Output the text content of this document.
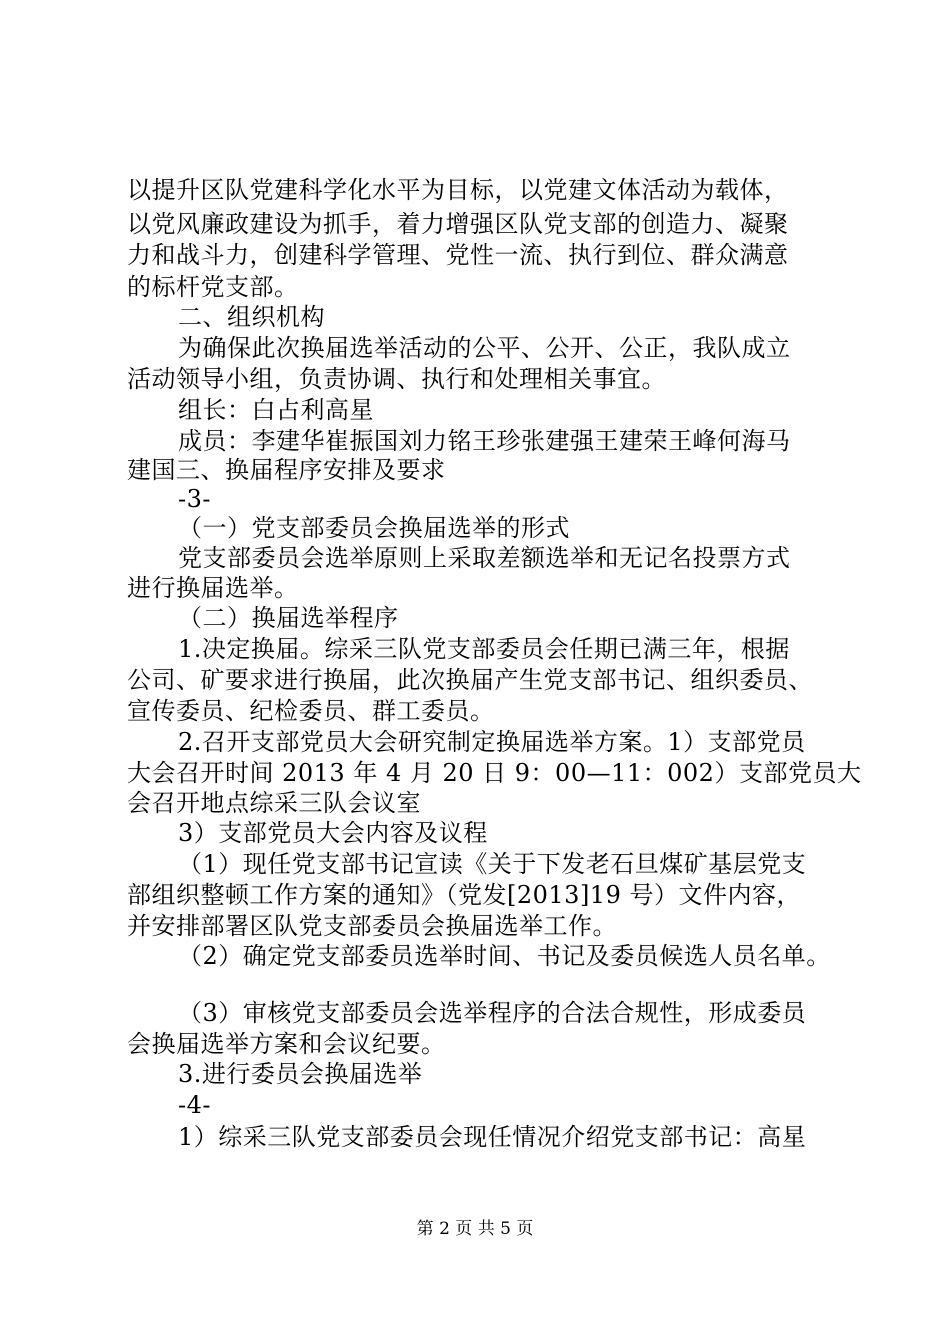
以提升区队党建科学化水平为目标，以党建文体活动为载体，
以党风廉政建设为抓手，着力增强区队党支部的创造力、凝聚
力和战斗力，创建科学管理、党性一流、执行到位、群众满意
的标杆党支部。
二、组织机构
为确保此次换届选举活动的公平、公开、公正，我队成立
活动领导小组，负责协调、执行和处理相关事宜。
组长：白占利高星
成员：李建华崔振国刘力铭王珍张建强王建荣王峰何海马
建国三、换届程序安排及要求
-3-
（一）党支部委员会换届选举的形式
党支部委员会选举原则上采取差额选举和无记名投票方式
进行换届选举。
（二）换届选举程序
1.决定换届。综采三队党支部委员会任期已满三年，根据
公司、矿要求进行换届，此次换届产生党支部书记、组织委员、
宣传委员、纪检委员、群工委员。
2.召开支部党员大会研究制定换届选举方案。1）支部党员
大会召开时间 2013 年 4 月 20 日 9：00—11：002）支部党员大
会召开地点综采三队会议室
3）支部党员大会内容及议程
（1）现任党支部书记宣读《关于下发老石旦煤矿基层党支
部组织整顿工作方案的通知》（党发[2013]19 号）文件内容，
并安排部署区队党支部委员会换届选举工作。
（2）确定党支部委员选举时间、书记及委员候选人员名单。
（3）审核党支部委员会选举程序的合法合规性，形成委员
会换届选举方案和会议纪要。
3.进行委员会换届选举
-4-
1）综采三队党支部委员会现任情况介绍党支部书记：高星
第 2 页 共 5 页
